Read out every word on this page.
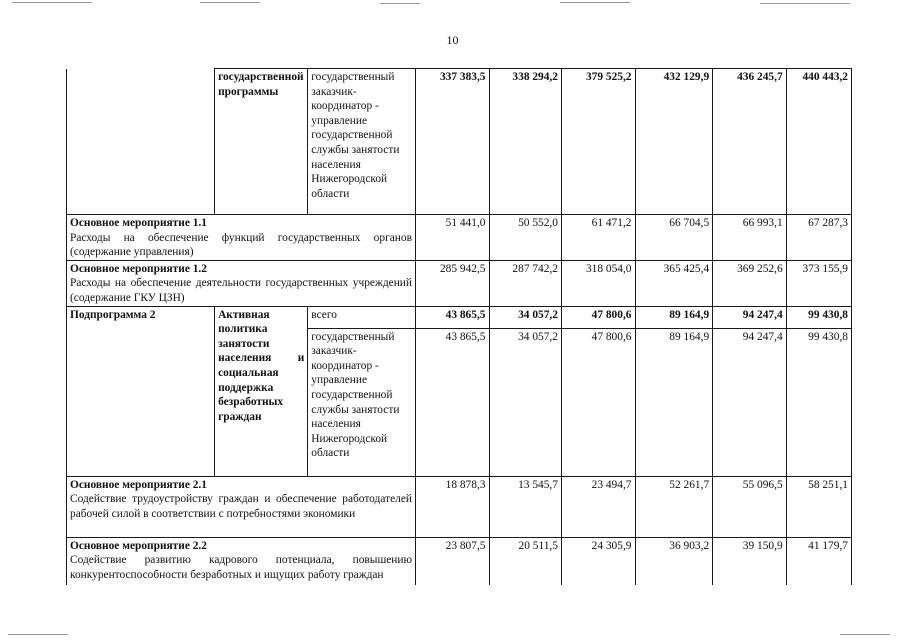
10
	государственной программы	государственный заказчик-координатор - управление государственной службы занятости населения Нижегородской области	337 383,5	338 294,2	379 525,2	432 129,9	436 245,7	440 443,2

Основное мероприятие 1.1
Расходы на обеспечение функций государственных органов (содержание управления)			51 441,0	50 552,0	61 471,2	66 704,5	66 993,1	67 287,3

Основное мероприятие 1.2
Расходы на обеспечение деятельности государственных учреждений (содержание ГКУ ЦЗН)			285 942,5	287 742,2	318 054,0	365 425,4	369 252,6	373 155,9
Подпрограмма 2	Активная политика занятости населения и социальная поддержка безработных граждан	всего	43 865,5	34 057,2	47 800,6	89 164,9	94 247,4	99 430,8
		государственный заказчик-координатор - управление государственной службы занятости населения Нижегородской области	43 865,5	34 057,2	47 800,6	89 164,9	94 247,4	99 430,8

Основное мероприятие 2.1
Содействие трудоустройству граждан и обеспечение работодателей рабочей силой в соответствии с потребностями экономики			18 878,3	13 545,7	23 494,7	52 261,7	55 096,5	58 251,1

Основное мероприятие 2.2
Содействие развитию кадрового потенциала, повышению конкурентоспособности безработных и ищущих работу граждан			23 807,5	20 511,5	24 305,9	36 903,2	39 150,9	41 179,7
